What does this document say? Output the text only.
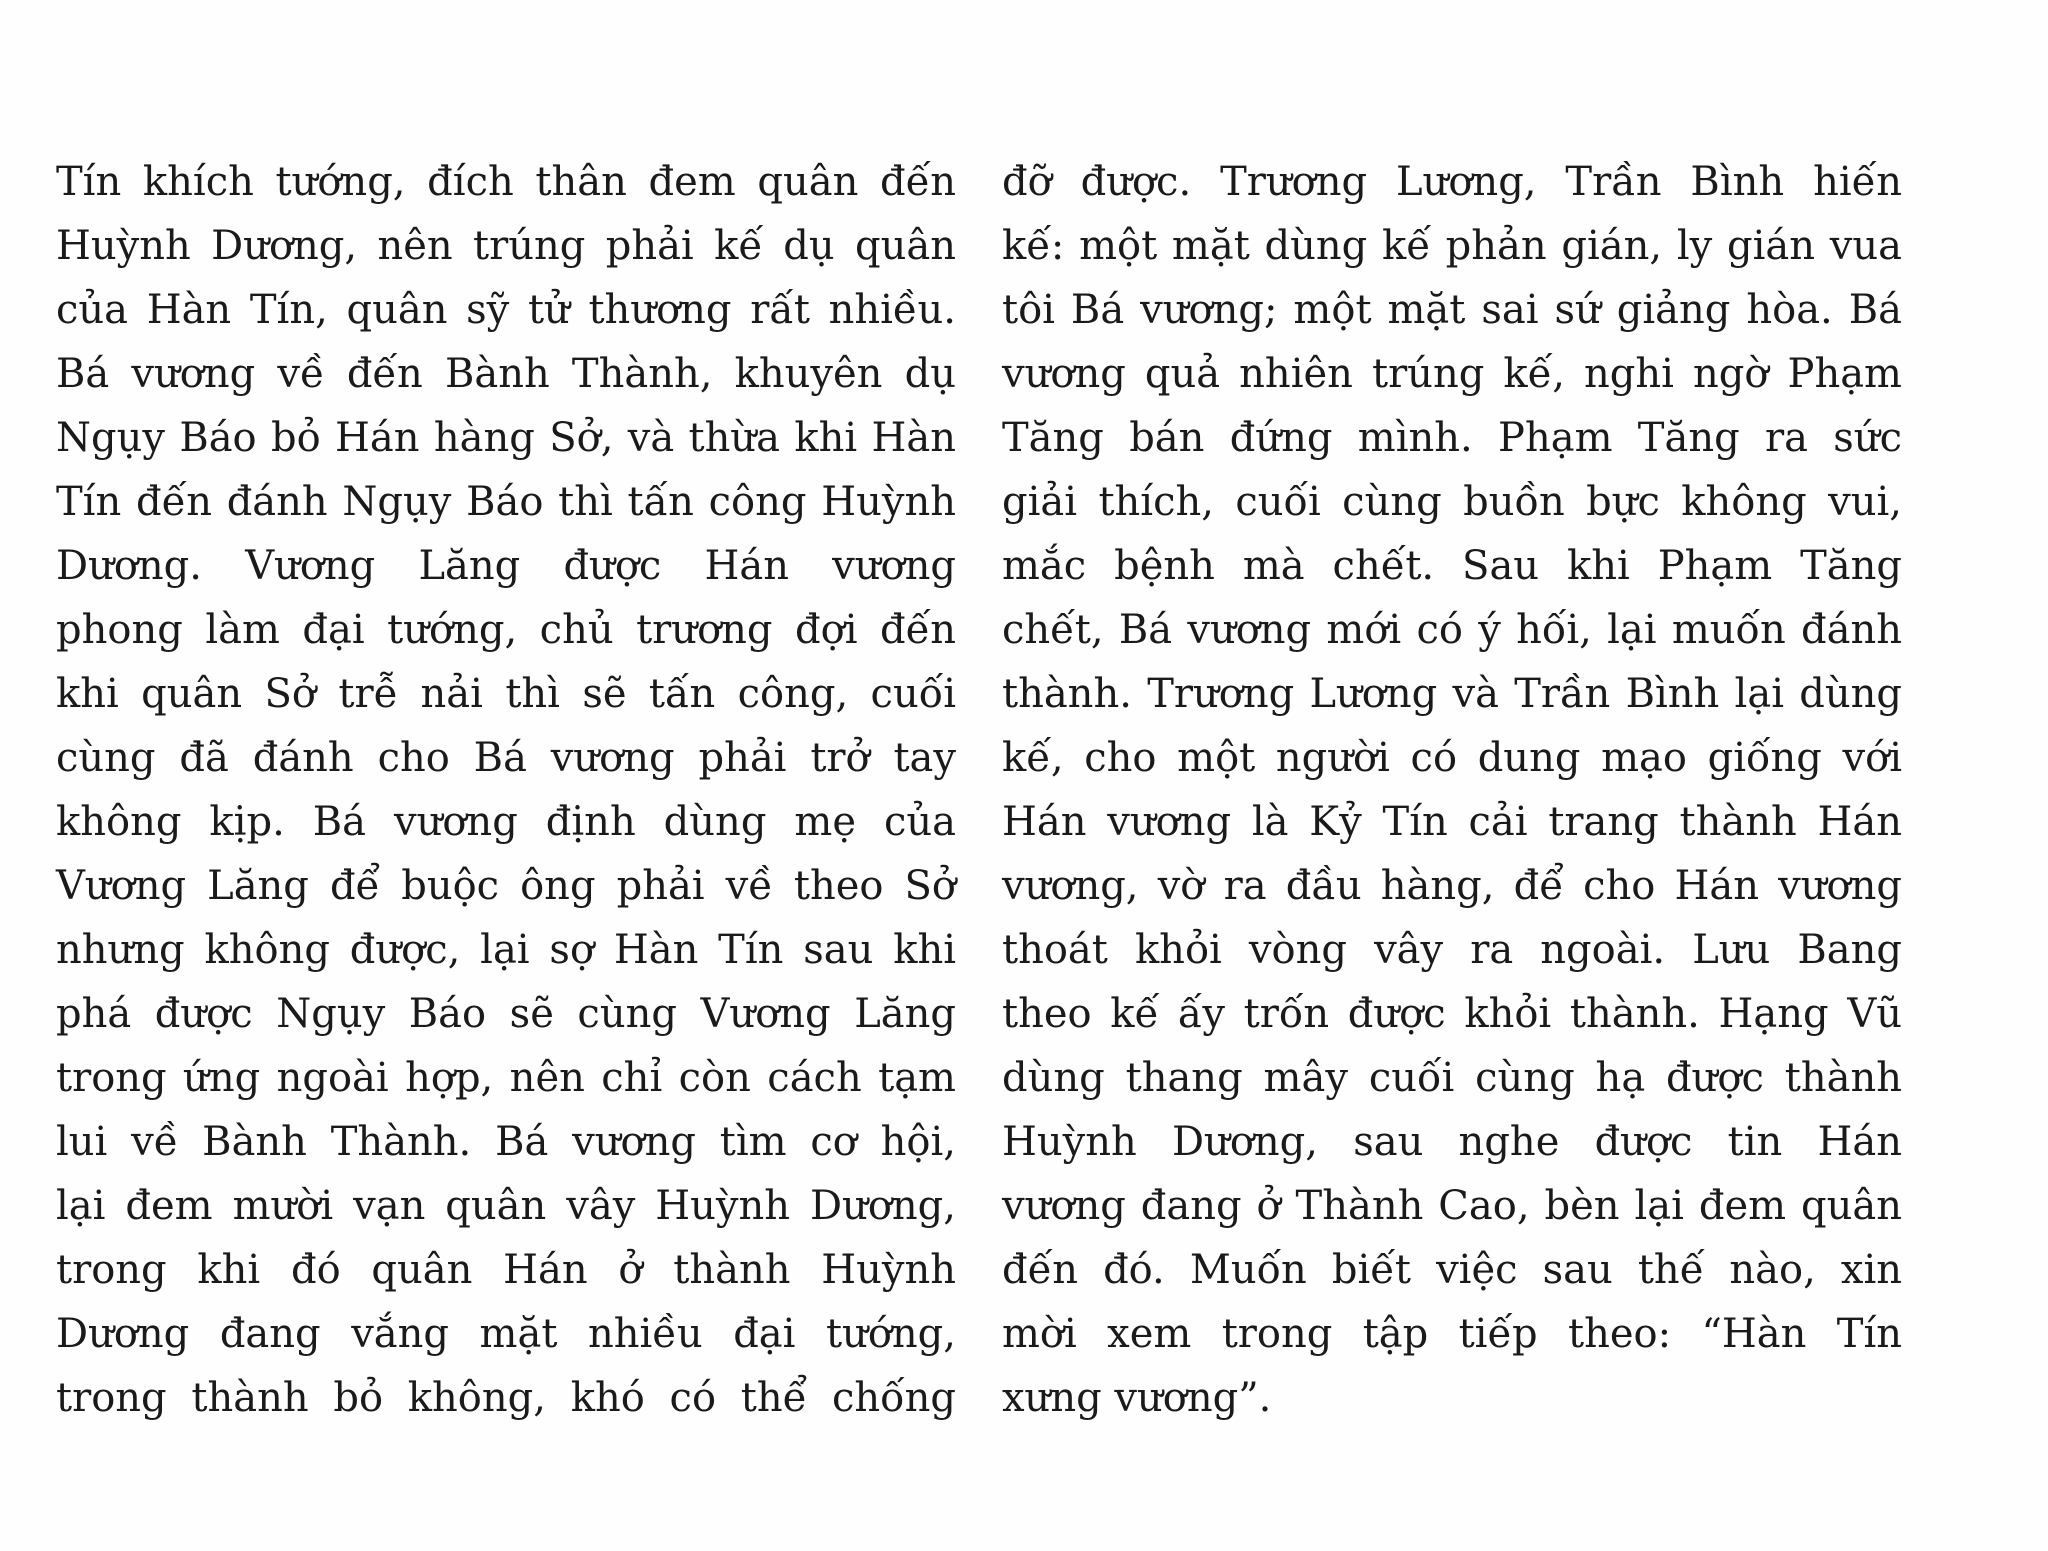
Tín khích tướng, đích thân đem quân đến
Huỳnh Dương, nên trúng phải kế dụ quân
của Hàn Tín, quân sỹ tử thương rất nhiều.
Bá vương về đến Bành Thành, khuyên dụ
Ngụy Báo bỏ Hán hàng Sở, và thừa khi Hàn
Tín đến đánh Ngụy Báo thì tấn công Huỳnh
Dương. Vương Lăng được Hán vương
phong làm đại tướng, chủ trương đợi đến
khi quân Sở trễ nải thì sẽ tấn công, cuối
cùng đã đánh cho Bá vương phải trở tay
không kịp. Bá vương định dùng mẹ của
Vương Lăng để buộc ông phải về theo Sở
nhưng không được, lại sợ Hàn Tín sau khi
phá được Ngụy Báo sẽ cùng Vương Lăng
trong ứng ngoài hợp, nên chỉ còn cách tạm
lui về Bành Thành. Bá vương tìm cơ hội,
lại đem mười vạn quân vây Huỳnh Dương,
trong khi đó quân Hán ở thành Huỳnh
Dương đang vắng mặt nhiều đại tướng,
trong thành bỏ không, khó có thể chống
đỡ được. Trương Lương, Trần Bình hiến
kế: một mặt dùng kế phản gián, ly gián vua
tôi Bá vương; một mặt sai sứ giảng hòa. Bá
vương quả nhiên trúng kế, nghi ngờ Phạm
Tăng bán đứng mình. Phạm Tăng ra sức
giải thích, cuối cùng buồn bực không vui,
mắc bệnh mà chết. Sau khi Phạm Tăng
chết, Bá vương mới có ý hối, lại muốn đánh
thành. Trương Lương và Trần Bình lại dùng
kế, cho một người có dung mạo giống với
Hán vương là Kỷ Tín cải trang thành Hán
vương, vờ ra đầu hàng, để cho Hán vương
thoát khỏi vòng vây ra ngoài. Lưu Bang
theo kế ấy trốn được khỏi thành. Hạng Vũ
dùng thang mây cuối cùng hạ được thành
Huỳnh Dương, sau nghe được tin Hán
vương đang ở Thành Cao, bèn lại đem quân
đến đó. Muốn biết việc sau thế nào, xin
mời xem trong tập tiếp theo: “Hàn Tín
xưng vương”.
